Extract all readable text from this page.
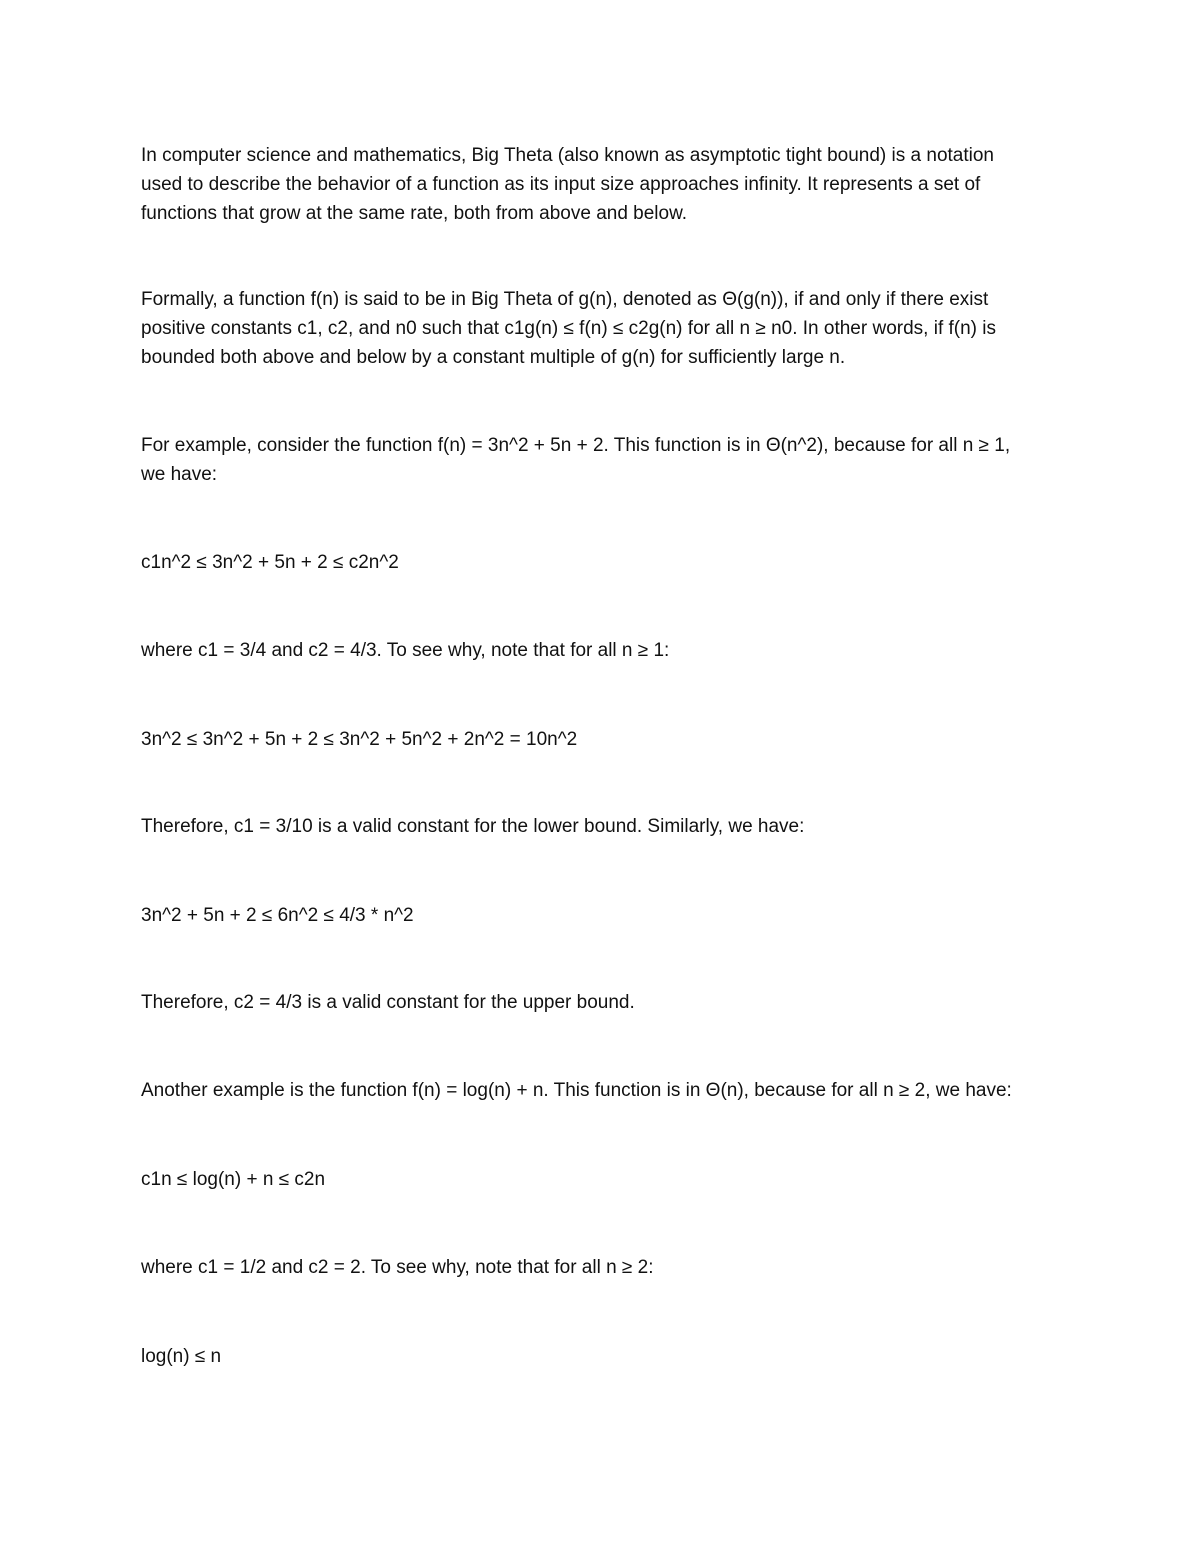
In computer science and mathematics, Big Theta (also known as asymptotic tight bound) is a notation
used to describe the behavior of a function as its input size approaches infinity. It represents a set of
functions that grow at the same rate, both from above and below.
Formally, a function f(n) is said to be in Big Theta of g(n), denoted as Θ(g(n)), if and only if there exist
positive constants c1, c2, and n0 such that c1g(n) ≤ f(n) ≤ c2g(n) for all n ≥ n0. In other words, if f(n) is
bounded both above and below by a constant multiple of g(n) for sufficiently large n.
For example, consider the function f(n) = 3n^2 + 5n + 2. This function is in Θ(n^2), because for all n ≥ 1,
we have:
c1n^2 ≤ 3n^2 + 5n + 2 ≤ c2n^2
where c1 = 3/4 and c2 = 4/3. To see why, note that for all n ≥ 1:
3n^2 ≤ 3n^2 + 5n + 2 ≤ 3n^2 + 5n^2 + 2n^2 = 10n^2
Therefore, c1 = 3/10 is a valid constant for the lower bound. Similarly, we have:
3n^2 + 5n + 2 ≤ 6n^2 ≤ 4/3 * n^2
Therefore, c2 = 4/3 is a valid constant for the upper bound.
Another example is the function f(n) = log(n) + n. This function is in Θ(n), because for all n ≥ 2, we have:
c1n ≤ log(n) + n ≤ c2n
where c1 = 1/2 and c2 = 2. To see why, note that for all n ≥ 2:
log(n) ≤ n
